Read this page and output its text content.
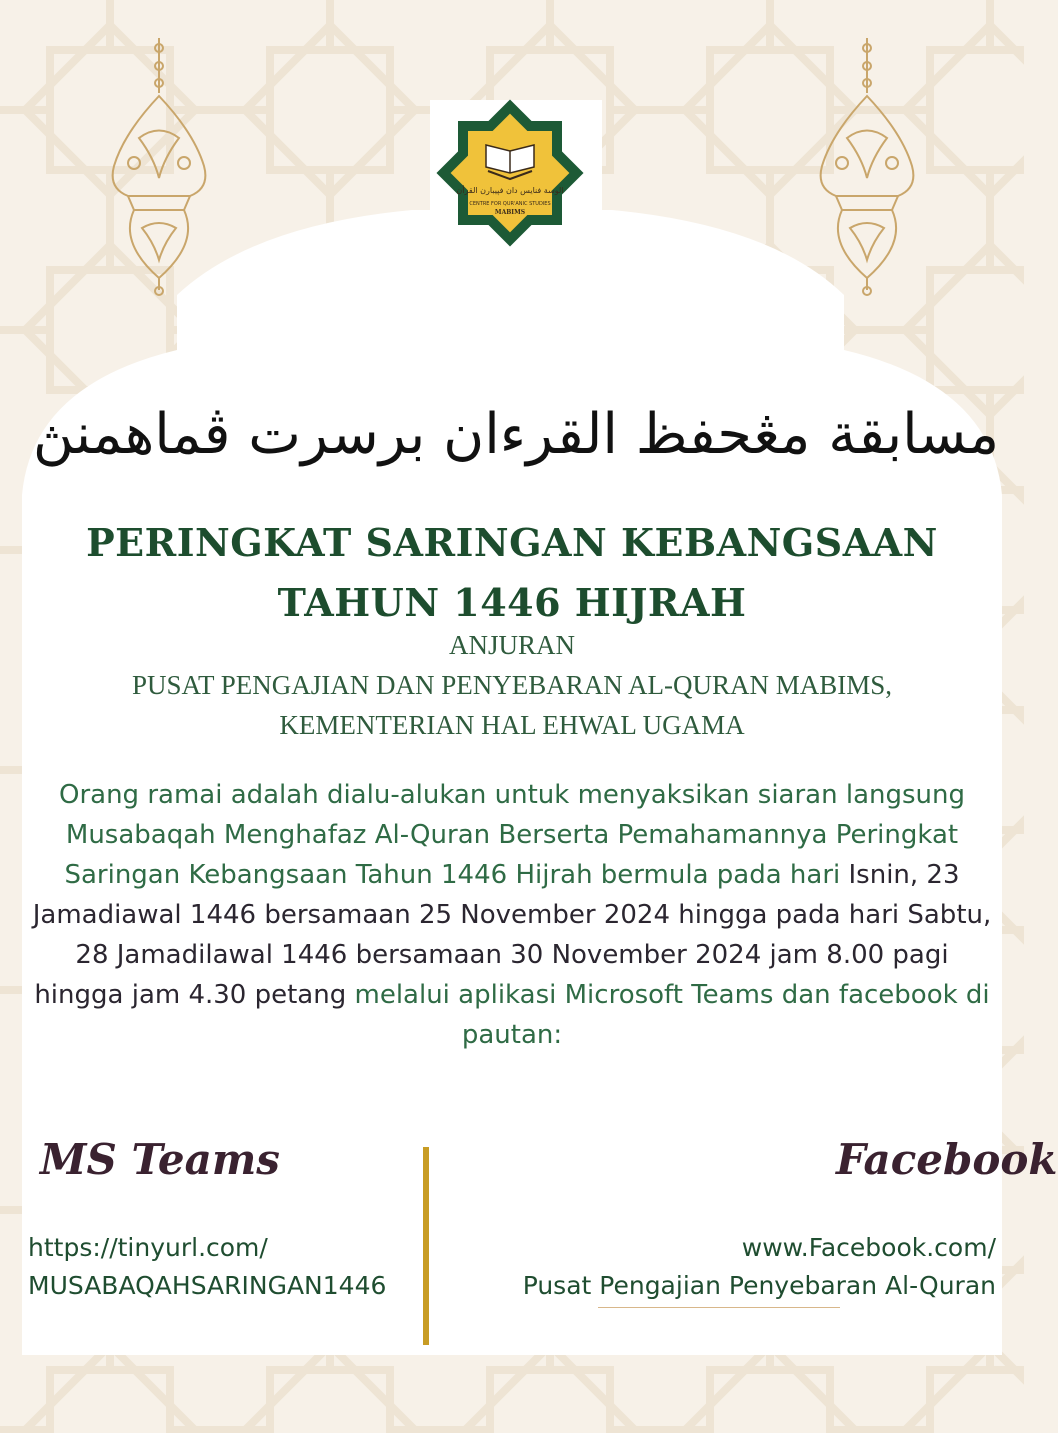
الوسة فنايس دان فپيبارن القرأن
CENTRE FOR QUR'ANIC STUDIES
MABIMS
مسابقة مڠحفظ القرءان برسرت ڤماهمنڽ
PERINGKAT SARINGAN KEBANGSAAN
TAHUN 1446 HIJRAH

ANJURAN

PUSAT PENGAJIAN DAN PENYEBARAN AL-QURAN MABIMS,

KEMENTERIAN HAL EHWAL UGAMA

Orang ramai adalah dialu-alukan untuk menyaksikan siaran langsung Musabaqah Menghafaz Al-Quran Berserta Pemahamannya Peringkat Saringan Kebangsaan Tahun 1446 Hijrah bermula pada hari Isnin, 23 Jamadiawal 1446 bersamaan 25 November 2024 hingga pada hari Sabtu, 28 Jamadilawal 1446 bersamaan 30 November 2024 jam 8.00 pagi hingga jam 4.30 petang melalui aplikasi Microsoft Teams dan facebook di pautan:

MS Teams
https://tinyurl.com/
MUSABAQAHSARINGAN1446
Facebook
www.Facebook.com/
Pusat Pengajian Penyebaran Al-Quran
